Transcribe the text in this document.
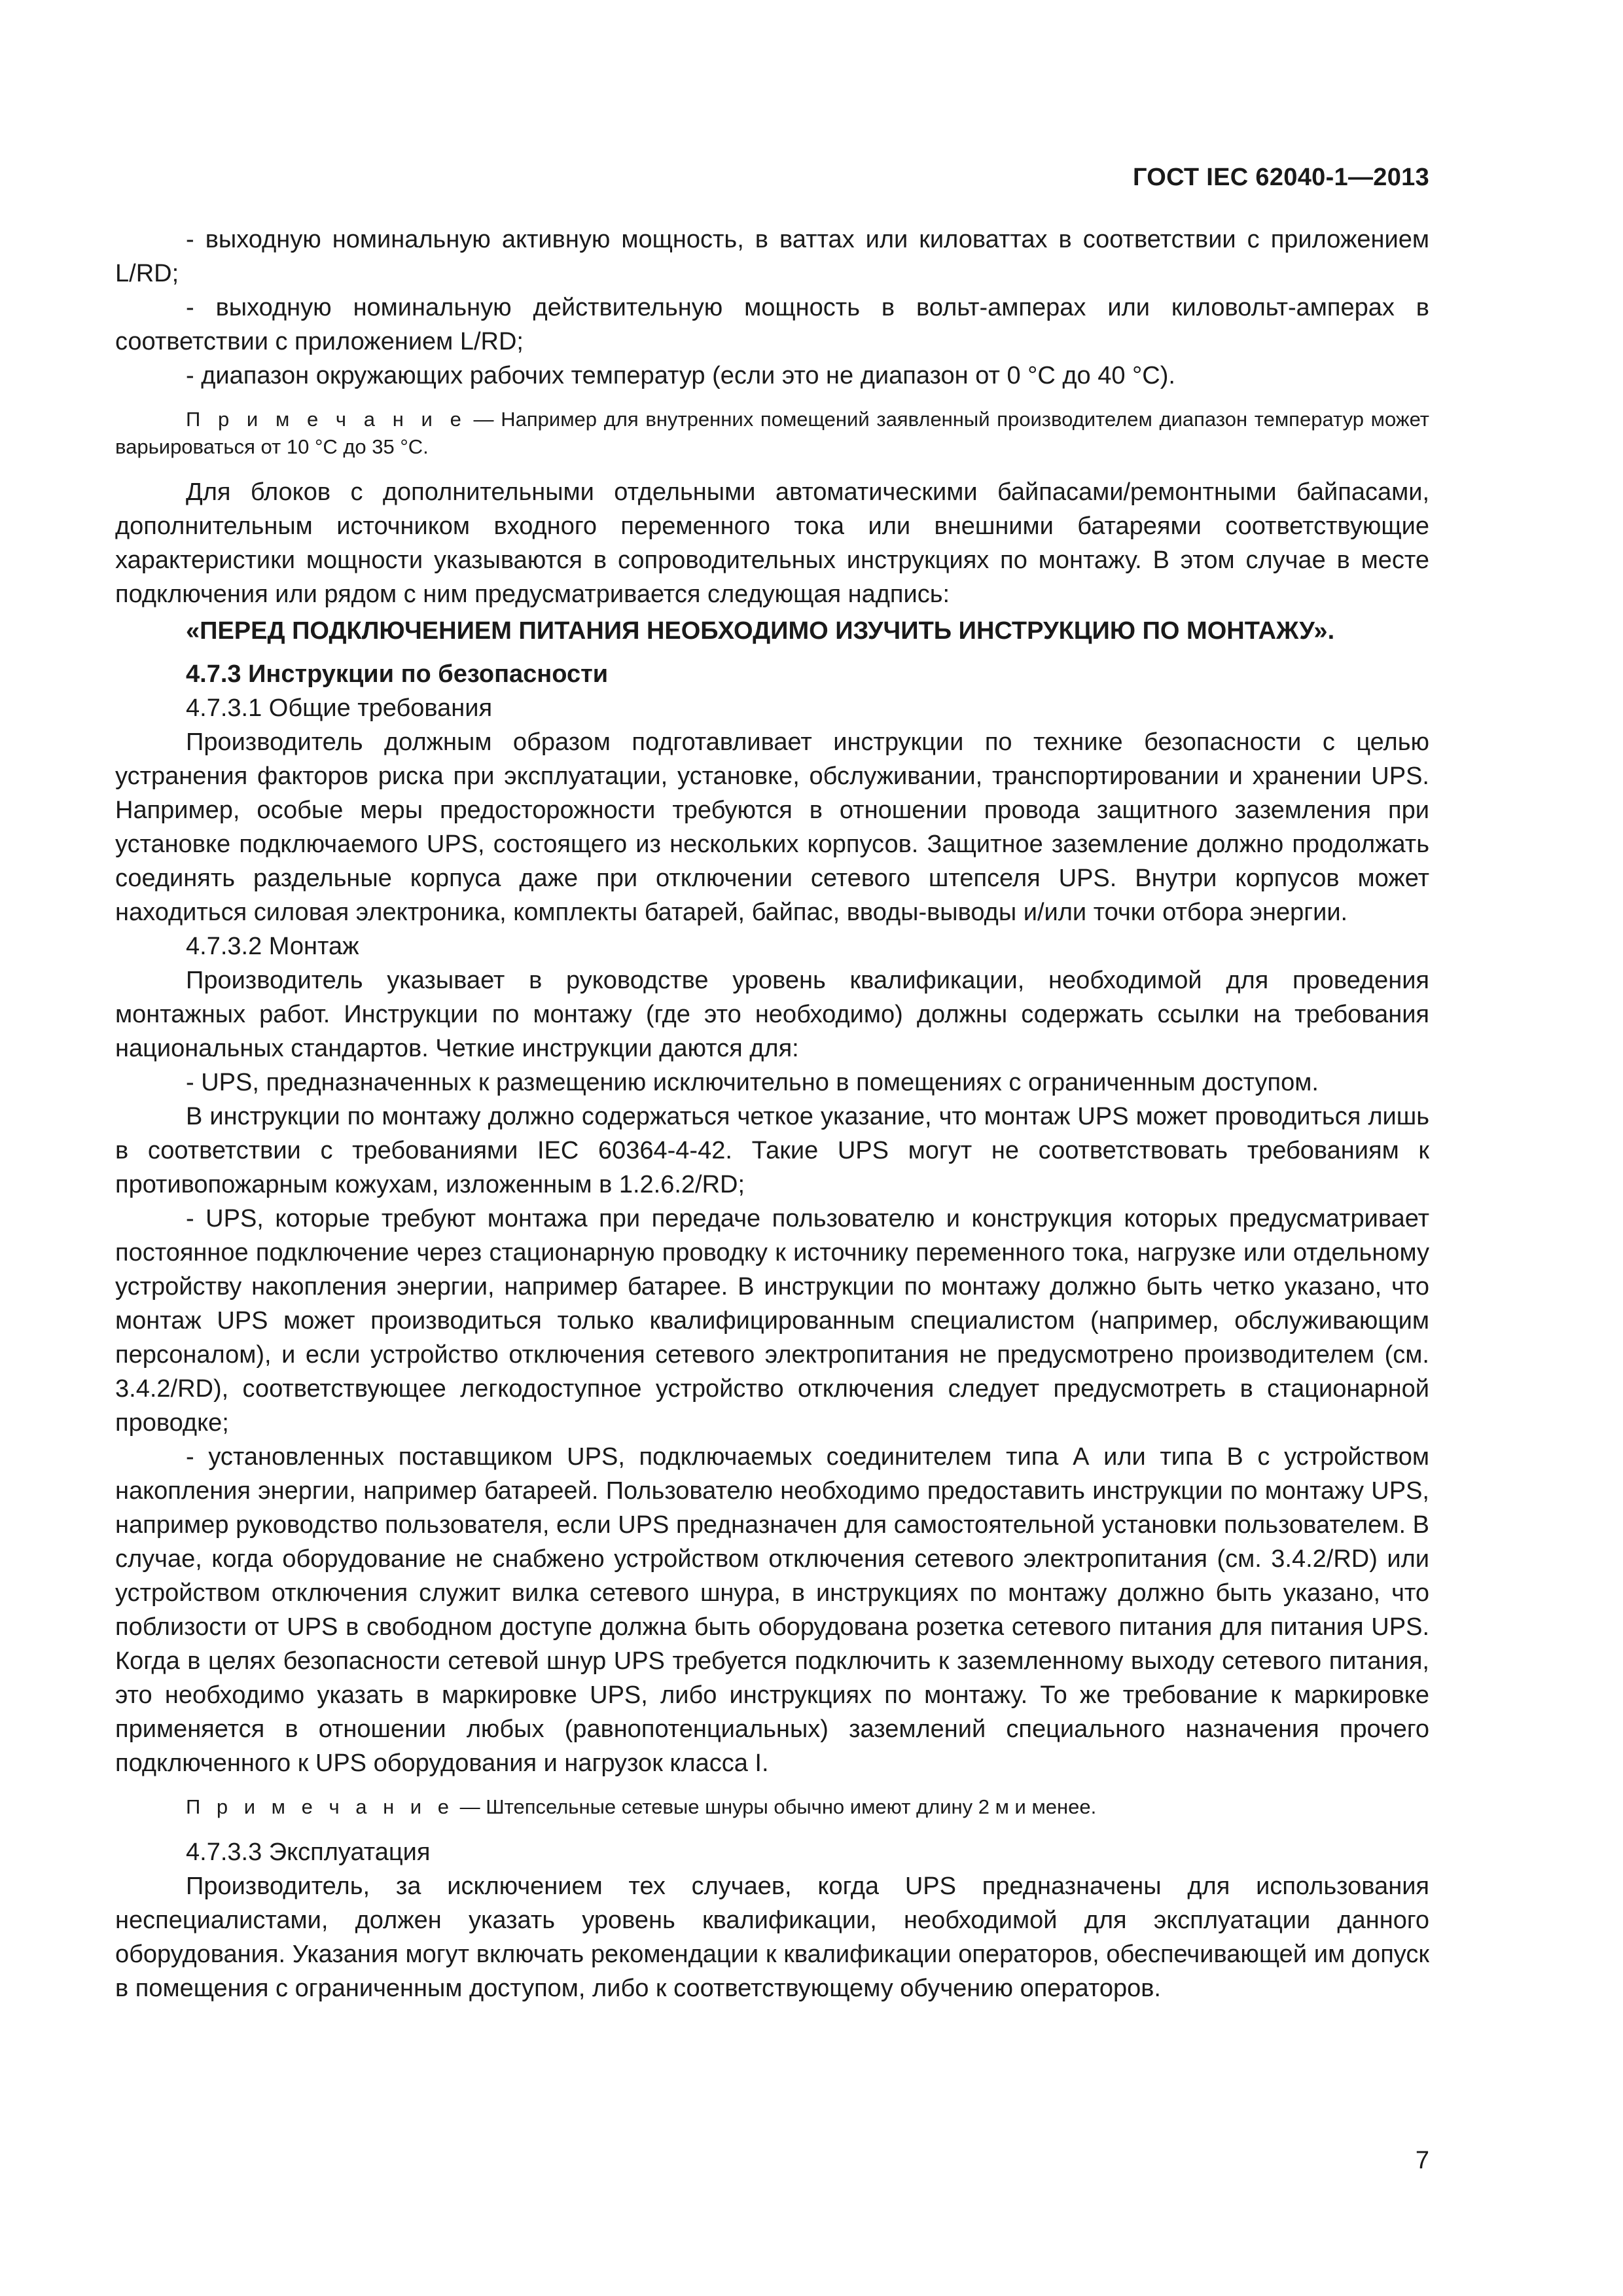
ГОСТ IEC 62040-1—2013

- выходную номинальную активную мощность, в ваттах или киловаттах в соответствии с приложением L/RD;

- выходную номинальную действительную мощность в вольт-амперах или киловольт-амперах в соответствии с приложением L/RD;

- диапазон окружающих рабочих температур (если это не диапазон от 0 °С до 40 °С).

П р и м е ч а н и е — Например для внутренних помещений заявленный производителем диапазон температур может варьироваться от 10 °С до 35 °С.

Для блоков с дополнительными отдельными автоматическими байпасами/ремонтными байпасами, дополнительным источником входного переменного тока или внешними батареями соответствующие характеристики мощности указываются в сопроводительных инструкциях по монтажу. В этом случае в месте подключения или рядом с ним предусматривается следующая надпись:

«ПЕРЕД ПОДКЛЮЧЕНИЕМ ПИТАНИЯ НЕОБХОДИМО ИЗУЧИТЬ ИНСТРУКЦИЮ ПО МОНТАЖУ».

4.7.3 Инструкции по безопасности

4.7.3.1 Общие требования

Производитель должным образом подготавливает инструкции по технике безопасности с целью устранения факторов риска при эксплуатации, установке, обслуживании, транспортировании и хранении UPS. Например, особые меры предосторожности требуются в отношении провода защитного заземления при установке подключаемого UPS, состоящего из нескольких корпусов. Защитное заземление должно продолжать соединять раздельные корпуса даже при отключении сетевого штепселя UPS. Внутри корпусов может находиться силовая электроника, комплекты батарей, байпас, вводы-выводы и/или точки отбора энергии.

4.7.3.2 Монтаж

Производитель указывает в руководстве уровень квалификации, необходимой для проведения монтажных работ. Инструкции по монтажу (где это необходимо) должны содержать ссылки на требования национальных стандартов. Четкие инструкции даются для:

- UPS, предназначенных к размещению исключительно в помещениях с ограниченным доступом.

В инструкции по монтажу должно содержаться четкое указание, что монтаж UPS может проводиться лишь в соответствии с требованиями IEC 60364-4-42. Такие UPS могут не соответствовать требованиям к противопожарным кожухам, изложенным в 1.2.6.2/RD;

- UPS, которые требуют монтажа при передаче пользователю и конструкция которых предусматривает постоянное подключение через стационарную проводку к источнику переменного тока, нагрузке или отдельному устройству накопления энергии, например батарее. В инструкции по монтажу должно быть четко указано, что монтаж UPS может производиться только квалифицированным специалистом (например, обслуживающим персоналом), и если устройство отключения сетевого электропитания не предусмотрено производителем (см. 3.4.2/RD), соответствующее легкодоступное устройство отключения следует предусмотреть в стационарной проводке;

- установленных поставщиком UPS, подключаемых соединителем типа А или типа В с устройством накопления энергии, например батареей. Пользователю необходимо предоставить инструкции по монтажу UPS, например руководство пользователя, если UPS предназначен для самостоятельной установки пользователем. В случае, когда оборудование не снабжено устройством отключения сетевого электропитания (см. 3.4.2/RD) или устройством отключения служит вилка сетевого шнура, в инструкциях по монтажу должно быть указано, что поблизости от UPS в свободном доступе должна быть оборудована розетка сетевого питания для питания UPS. Когда в целях безопасности сетевой шнур UPS требуется подключить к заземленному выходу сетевого питания, это необходимо указать в маркировке UPS, либо инструкциях по монтажу. То же требование к маркировке применяется в отношении любых (равнопотенциальных) заземлений специального назначения прочего подключенного к UPS оборудования и нагрузок класса I.

П р и м е ч а н и е — Штепсельные сетевые шнуры обычно имеют длину 2 м и менее.

4.7.3.3 Эксплуатация

Производитель, за исключением тех случаев, когда UPS предназначены для использования неспециалистами, должен указать уровень квалификации, необходимой для эксплуатации данного оборудования. Указания могут включать рекомендации к квалификации операторов, обеспечивающей им допуск в помещения с ограниченным доступом, либо к соответствующему обучению операторов.

7
